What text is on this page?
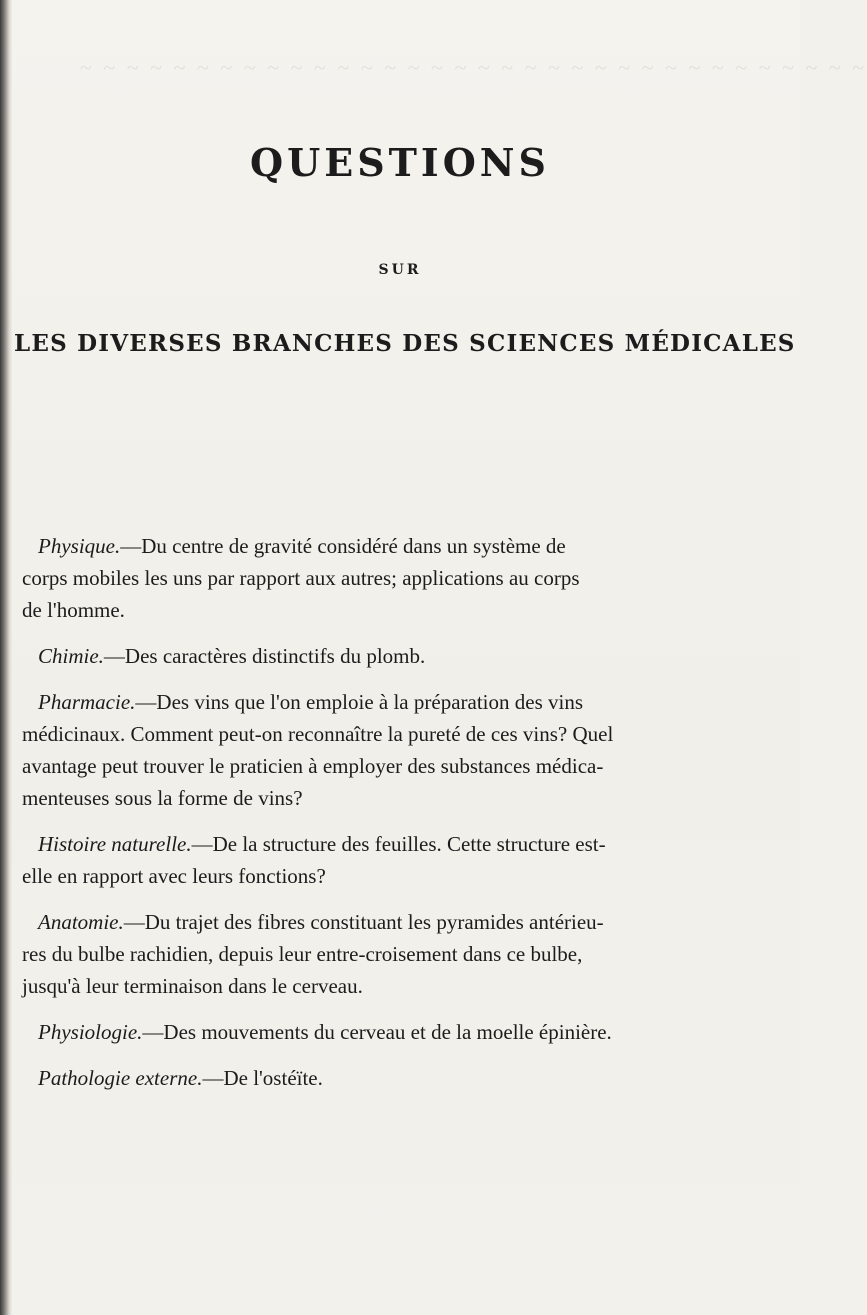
~ ~ ~ ~ ~ ~ ~ ~ ~ ~ ~ ~ ~ ~ ~ ~ ~ ~ ~ ~ ~ ~ ~ ~ ~ ~ ~ ~ ~ ~ ~ ~ ~ ~
QUESTIONS
SUR
LES DIVERSES BRANCHES DES SCIENCES MÉDICALES
Physique.—Du centre de gravité considéré dans un système de
corps mobiles les uns par rapport aux autres; applications au corps
de l'homme.
Chimie.—Des caractères distinctifs du plomb.
Pharmacie.—Des vins que l'on emploie à la préparation des vins
médicinaux. Comment peut-on reconnaître la pureté de ces vins? Quel
avantage peut trouver le praticien à employer des substances médica-
menteuses sous la forme de vins?
Histoire naturelle.—De la structure des feuilles. Cette structure est-
elle en rapport avec leurs fonctions?
Anatomie.—Du trajet des fibres constituant les pyramides antérieu-
res du bulbe rachidien, depuis leur entre-croisement dans ce bulbe,
jusqu'à leur terminaison dans le cerveau.
Physiologie.—Des mouvements du cerveau et de la moelle épinière.
Pathologie externe.—De l'ostéïte.
